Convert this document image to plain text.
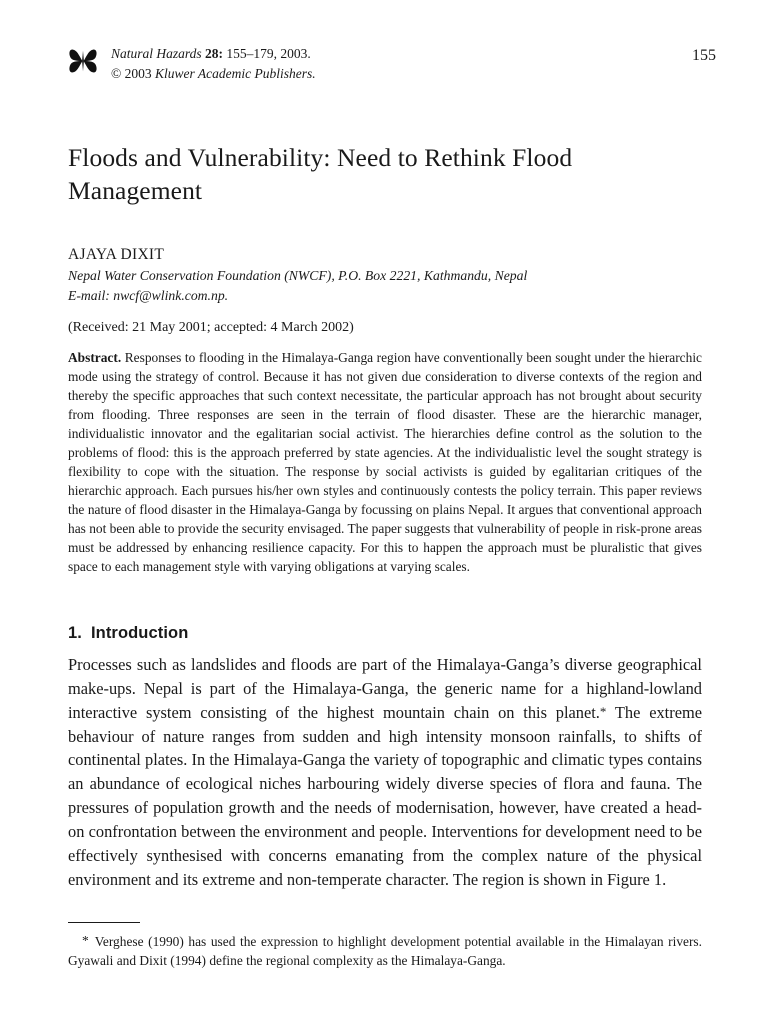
Natural Hazards 28: 155–179, 2003.
© 2003 Kluwer Academic Publishers.
155
Floods and Vulnerability: Need to Rethink Flood Management
AJAYA DIXIT
Nepal Water Conservation Foundation (NWCF), P.O. Box 2221, Kathmandu, Nepal
E-mail: nwcf@wlink.com.np.
(Received: 21 May 2001; accepted: 4 March 2002)

Abstract. Responses to flooding in the Himalaya-Ganga region have conventionally been sought under the hierarchic mode using the strategy of control. Because it has not given due consideration to diverse contexts of the region and thereby the specific approaches that such context necessitate, the particular approach has not brought about security from flooding. Three responses are seen in the terrain of flood disaster. These are the hierarchic manager, individualistic innovator and the egalitarian social activist. The hierarchies define control as the solution to the problems of flood: this is the approach preferred by state agencies. At the individualistic level the sought strategy is flexibility to cope with the situation. The response by social activists is guided by egalitarian critiques of the hierarchic approach. Each pursues his/her own styles and continuously contests the policy terrain. This paper reviews the nature of flood disaster in the Himalaya-Ganga by focussing on plains Nepal. It argues that conventional approach has not been able to provide the security envisaged. The paper suggests that vulnerability of people in risk-prone areas must be addressed by enhancing resilience capacity. For this to happen the approach must be pluralistic that gives space to each management style with varying obligations at varying scales.

1. Introduction

Processes such as landslides and floods are part of the Himalaya-Ganga’s diverse geographical make-ups. Nepal is part of the Himalaya-Ganga, the generic name for a highland-lowland interactive system consisting of the highest mountain chain on this planet.* The extreme behaviour of nature ranges from sudden and high intensity monsoon rainfalls, to shifts of continental plates. In the Himalaya-Ganga the variety of topographic and climatic types contains an abundance of ecological niches harbouring widely diverse species of flora and fauna. The pressures of population growth and the needs of modernisation, however, have created a head-on confrontation between the environment and people. Interventions for development need to be effectively synthesised with concerns emanating from the complex nature of the physical environment and its extreme and non-temperate character. The region is shown in Figure 1.

* Verghese (1990) has used the expression to highlight development potential available in the Himalayan rivers. Gyawali and Dixit (1994) define the regional complexity as the Himalaya-Ganga.
